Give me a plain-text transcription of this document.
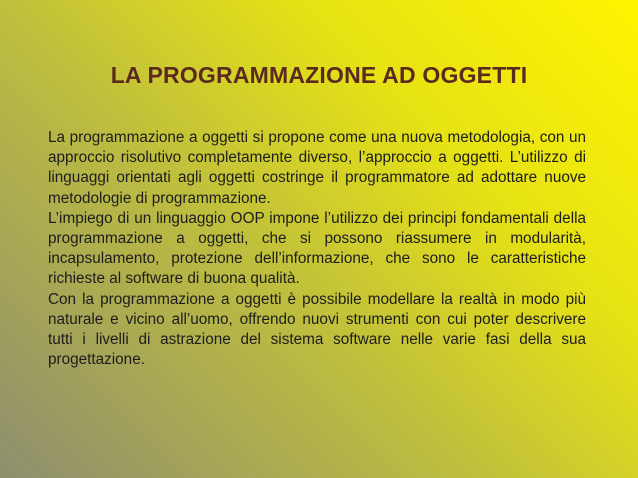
LA PROGRAMMAZIONE AD OGGETTI

La programmazione a oggetti si propone come una nuova metodologia, con un approccio risolutivo completamente diverso, l’approccio a oggetti. L’utilizzo di linguaggi orientati agli oggetti costringe il programmatore ad adottare nuove metodologie di programmazione.

L’impiego di un linguaggio OOP impone l’utilizzo dei principi fondamentali della programmazione a oggetti, che si possono riassumere in modularità, incapsulamento, protezione dell’informazione, che sono le caratteristiche richieste al software di buona qualità.

Con la programmazione a oggetti è possibile modellare la realtà in modo più naturale e vicino all’uomo, offrendo nuovi strumenti con cui poter descrivere tutti i livelli di astrazione del sistema software nelle varie fasi della sua progettazione.
